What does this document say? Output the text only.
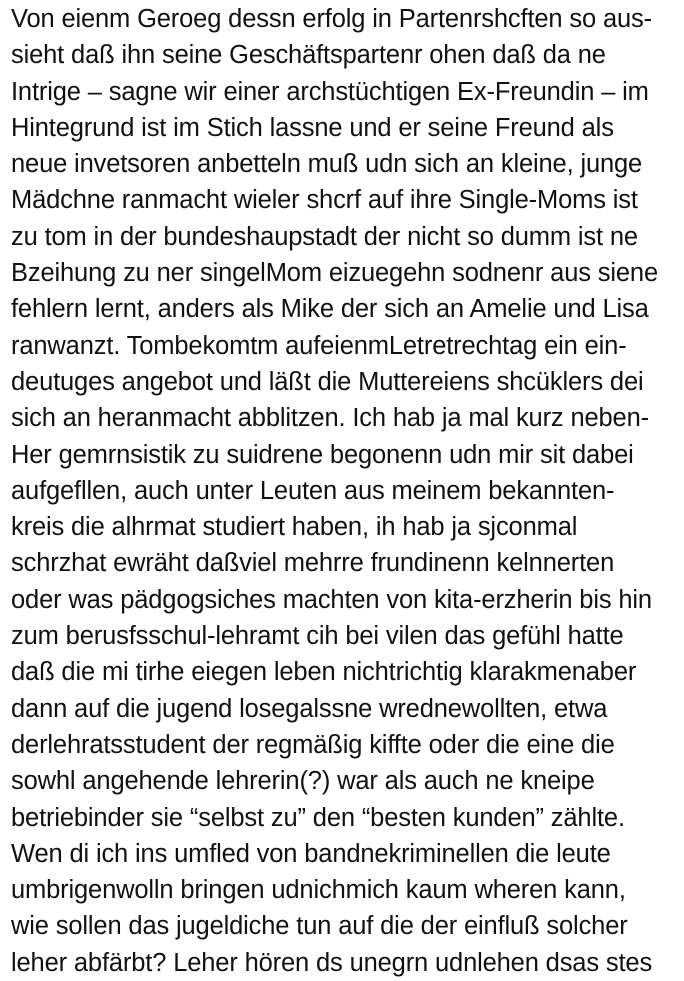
Von eienm Geroeg dessn erfolg in Partenrshcften so aus-
sieht daß ihn seine Geschäftspartenr ohen daß da ne
Intrige – sagne wir einer archstüchtigen Ex-Freundin – im
Hintegrund ist im Stich lassne und er seine Freund als
neue invetsoren anbetteln muß udn sich an kleine, junge
Mädchne ranmacht wieler shcrf auf ihre Single-Moms ist
zu tom in der bundeshaupstadt der nicht so dumm ist ne
Bzeihung zu ner singelMom eizuegehn sodnenr aus siene
fehlern lernt, anders als Mike der sich an Amelie und Lisa
ranwanzt. Tombekomtm aufeienmLetretrechtag ein ein-
deutuges angebot und läßt die Muttereiens shcüklers dei
sich an heranmacht abblitzen. Ich hab ja mal kurz neben-
Her gemrnsistik zu suidrene begonenn udn mir sit dabei
aufgefllen, auch unter Leuten aus meinem bekannten-
kreis die alhrmat studiert haben, ih hab ja sjconmal
schrzhat ewräht daßviel mehrre frundinenn kelnnerten
oder was pädgogsiches machten von kita-erzherin bis hin
zum berusfsschul-lehramt cih bei vilen das gefühl hatte
daß die mi tirhe eiegen leben nichtrichtig klarakmenaber
dann auf die jugend losegalssne wrednewollten, etwa
derlehratsstudent der regmäßig kiffte oder die eine die
sowhl angehende lehrerin(?) war als auch ne kneipe
betriebinder sie “selbst zu” den “besten kunden” zählte.
Wen di ich ins umfled von bandnekriminellen die leute
umbrigenwolln bringen udnichmich kaum wheren kann,
wie sollen das jugeldiche tun auf die der einfluß solcher
leher abfärbt? Leher hören ds unegrn udnlehen dsas stes
